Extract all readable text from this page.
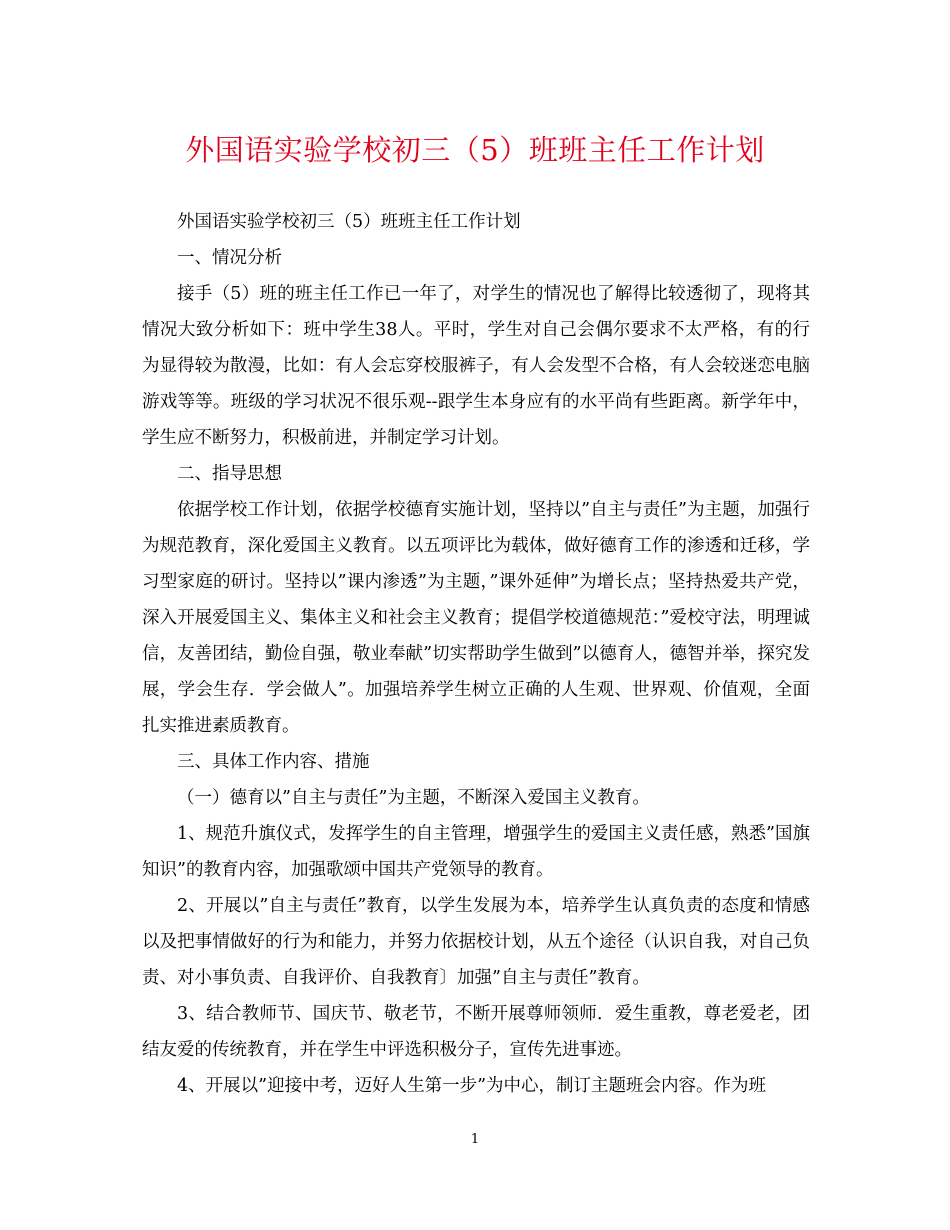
外国语实验学校初三（5）班班主任工作计划

外国语实验学校初三（5）班班主任工作计划

一、情况分析

接手（5）班的班主任工作已一年了，对学生的情况也了解得比较透彻了，现将其情况大致分析如下：班中学生38人。平时，学生对自己会偶尔要求不太严格，有的行为显得较为散漫，比如：有人会忘穿校服裤子，有人会发型不合格，有人会较迷恋电脑游戏等等。班级的学习状况不很乐观--跟学生本身应有的水平尚有些距离。新学年中，学生应不断努力，积极前进，并制定学习计划。

二、指导思想

依据学校工作计划，依据学校德育实施计划，坚持以”自主与责任”为主题，加强行为规范教育，深化爱国主义教育。以五项评比为载体，做好德育工作的渗透和迁移，学习型家庭的研讨。坚持以”课内渗透”为主题，”课外延伸”为增长点；坚持热爱共产党，深入开展爱国主义、集体主义和社会主义教育；提倡学校道德规范：”爱校守法，明理诚信，友善团结，勤俭自强，敬业奉献”切实帮助学生做到”以德育人，德智并举，探究发展，学会生存．学会做人”。加强培养学生树立正确的人生观、世界观、价值观，全面扎实推进素质教育。

三、具体工作内容、措施

（一）德育以”自主与责任”为主题，不断深入爱国主义教育。

1、规范升旗仪式，发挥学生的自主管理，增强学生的爱国主义责任感，熟悉”国旗知识”的教育内容，加强歌颂中国共产党领导的教育。

2、开展以”自主与责任”教育，以学生发展为本，培养学生认真负责的态度和情感以及把事情做好的行为和能力，并努力依据校计划，从五个途径（认识自我，对自己负责、对小事负责、自我评价、自我教育〕加强”自主与责任”教育。

3、结合教师节、国庆节、敬老节，不断开展尊师领师．爱生重教，尊老爱老，团结友爱的传统教育，并在学生中评选积极分子，宣传先进事迹。

4、开展以”迎接中考，迈好人生第一步”为中心，制订主题班会内容。作为班

1
